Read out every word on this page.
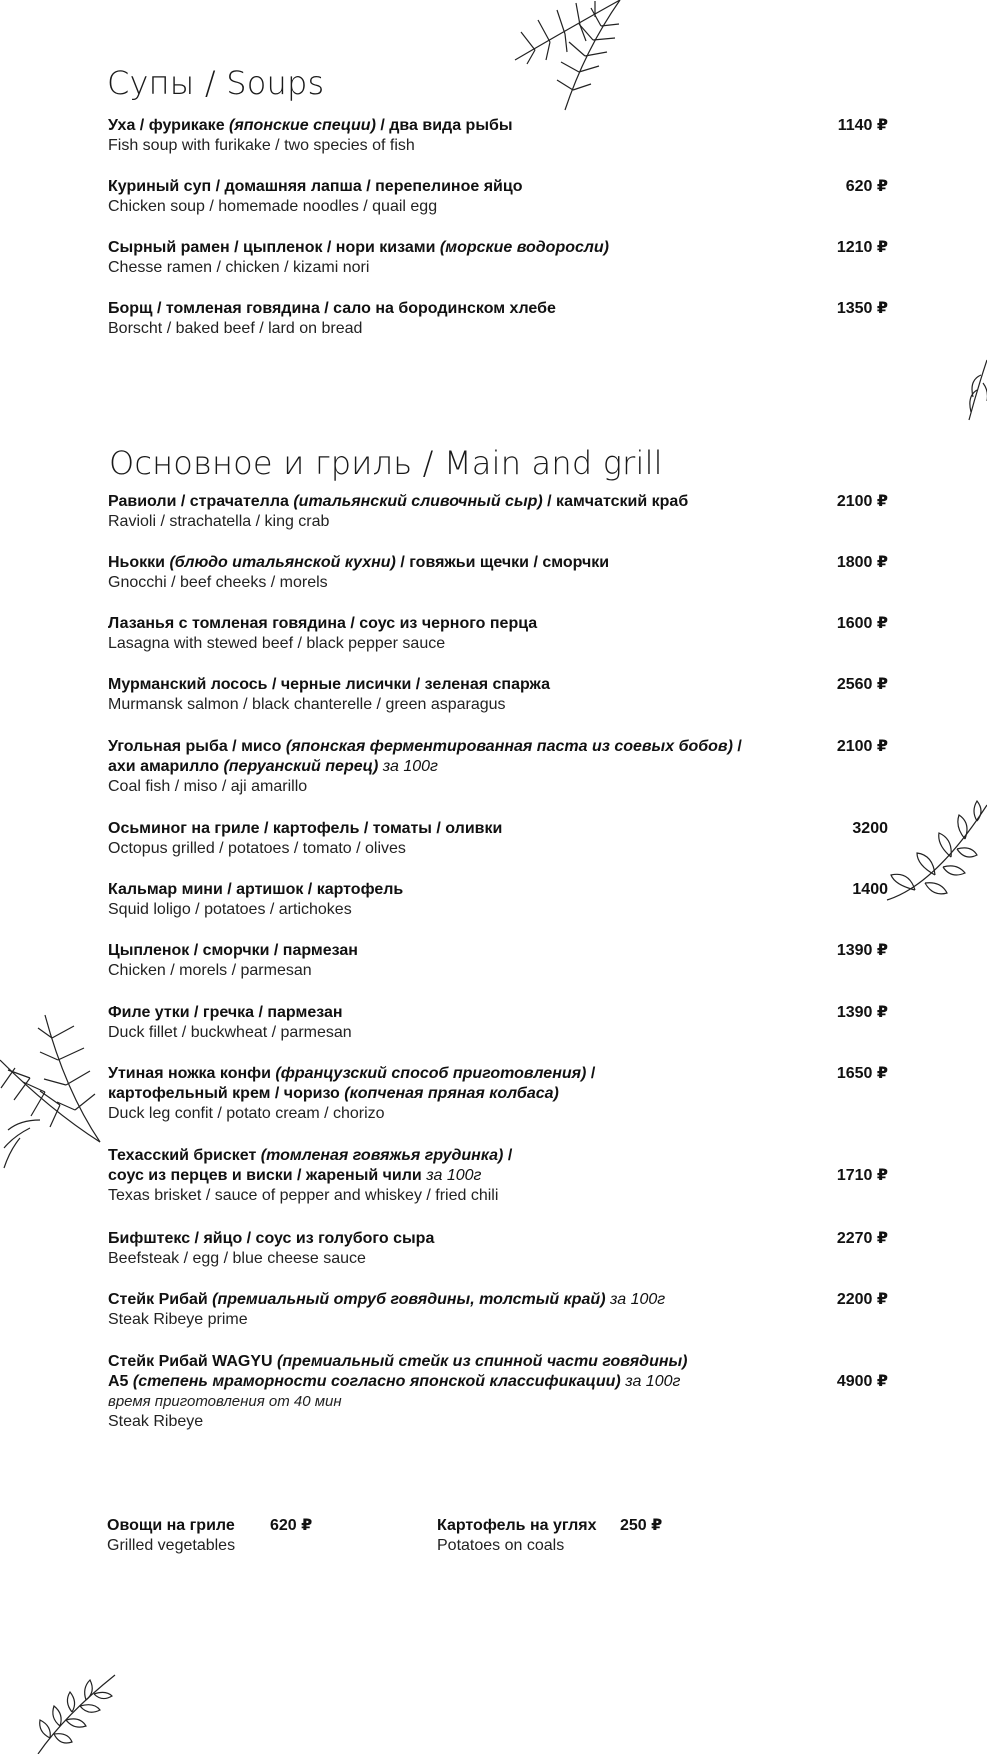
Супы / Soups
Уха / фурикаке (японские специи) / два вида рыбы
Fish soup with furikake / two species of fish
1140 ₽
Куриный суп / домашняя лапша / перепелиное яйцо
Chicken soup / homemade noodles / quail egg
620 ₽
Сырный рамен / цыпленок / нори кизами (морские водоросли)
Chesse ramen / chicken / kizami nori
1210 ₽
Борщ / томленая говядина / сало на бородинском хлебе
Borscht / baked beef / lard on bread
1350 ₽
Основное и гриль / Main and grill
Равиоли / страчателла (итальянский сливочный сыр) / камчатский краб
Ravioli / strachatella / king crab
2100 ₽
Ньокки (блюдо итальянской кухни) / говяжьи щечки / сморчки
Gnocchi / beef cheeks / morels
1800 ₽
Лазанья с томленая говядина / соус из черного перца
Lasagna with stewed beef / black pepper sauce
1600 ₽
Мурманский лосось / черные лисички / зеленая спаржа
Murmansk salmon / black chanterelle / green asparagus
2560 ₽
Угольная рыба / мисо (японская ферментированная паста из соевых бобов) /
ахи амарилло (перуанский перец) за 100г
Coal fish / miso / aji amarillo
2100 ₽
Осьминог на гриле / картофель / томаты / оливки
Octopus grilled / potatoes / tomato / olives
3200
Кальмар мини / артишок / картофель
Squid loligo / potatoes / artichokes
1400
Цыпленок / сморчки / пармезан
Chicken / morels / parmesan
1390 ₽
Филе утки / гречка / пармезан
Duck fillet / buckwheat / parmesan
1390 ₽
Утиная ножка конфи (французский способ приготовления) /
картофельный крем / чоризо (копченая пряная колбаса)
Duck leg confit / potato cream / chorizo
1650 ₽
Техасский брискет (томленая говяжья грудинка) /
соус из перцев и виски / жареный чили за 100г
Texas brisket / sauce of pepper and whiskey / fried chili
1710 ₽
Бифштекс / яйцо / соус из голубого сыра
Beefsteak / egg / blue cheese sauce
2270 ₽
Стейк Рибай (премиальный отруб говядины, толстый край) за 100г
Steak Ribeye prime
2200 ₽
Стейк Рибай WAGYU (премиальный стейк из спинной части говядины)
A5 (степень мраморности согласно японской классификации) за 100г
время приготовления от 40 мин
Steak Ribeye
4900 ₽
Овощи на гриле
Grilled vegetables
620 ₽	Картофель на углях
Potatoes on coals
250 ₽
